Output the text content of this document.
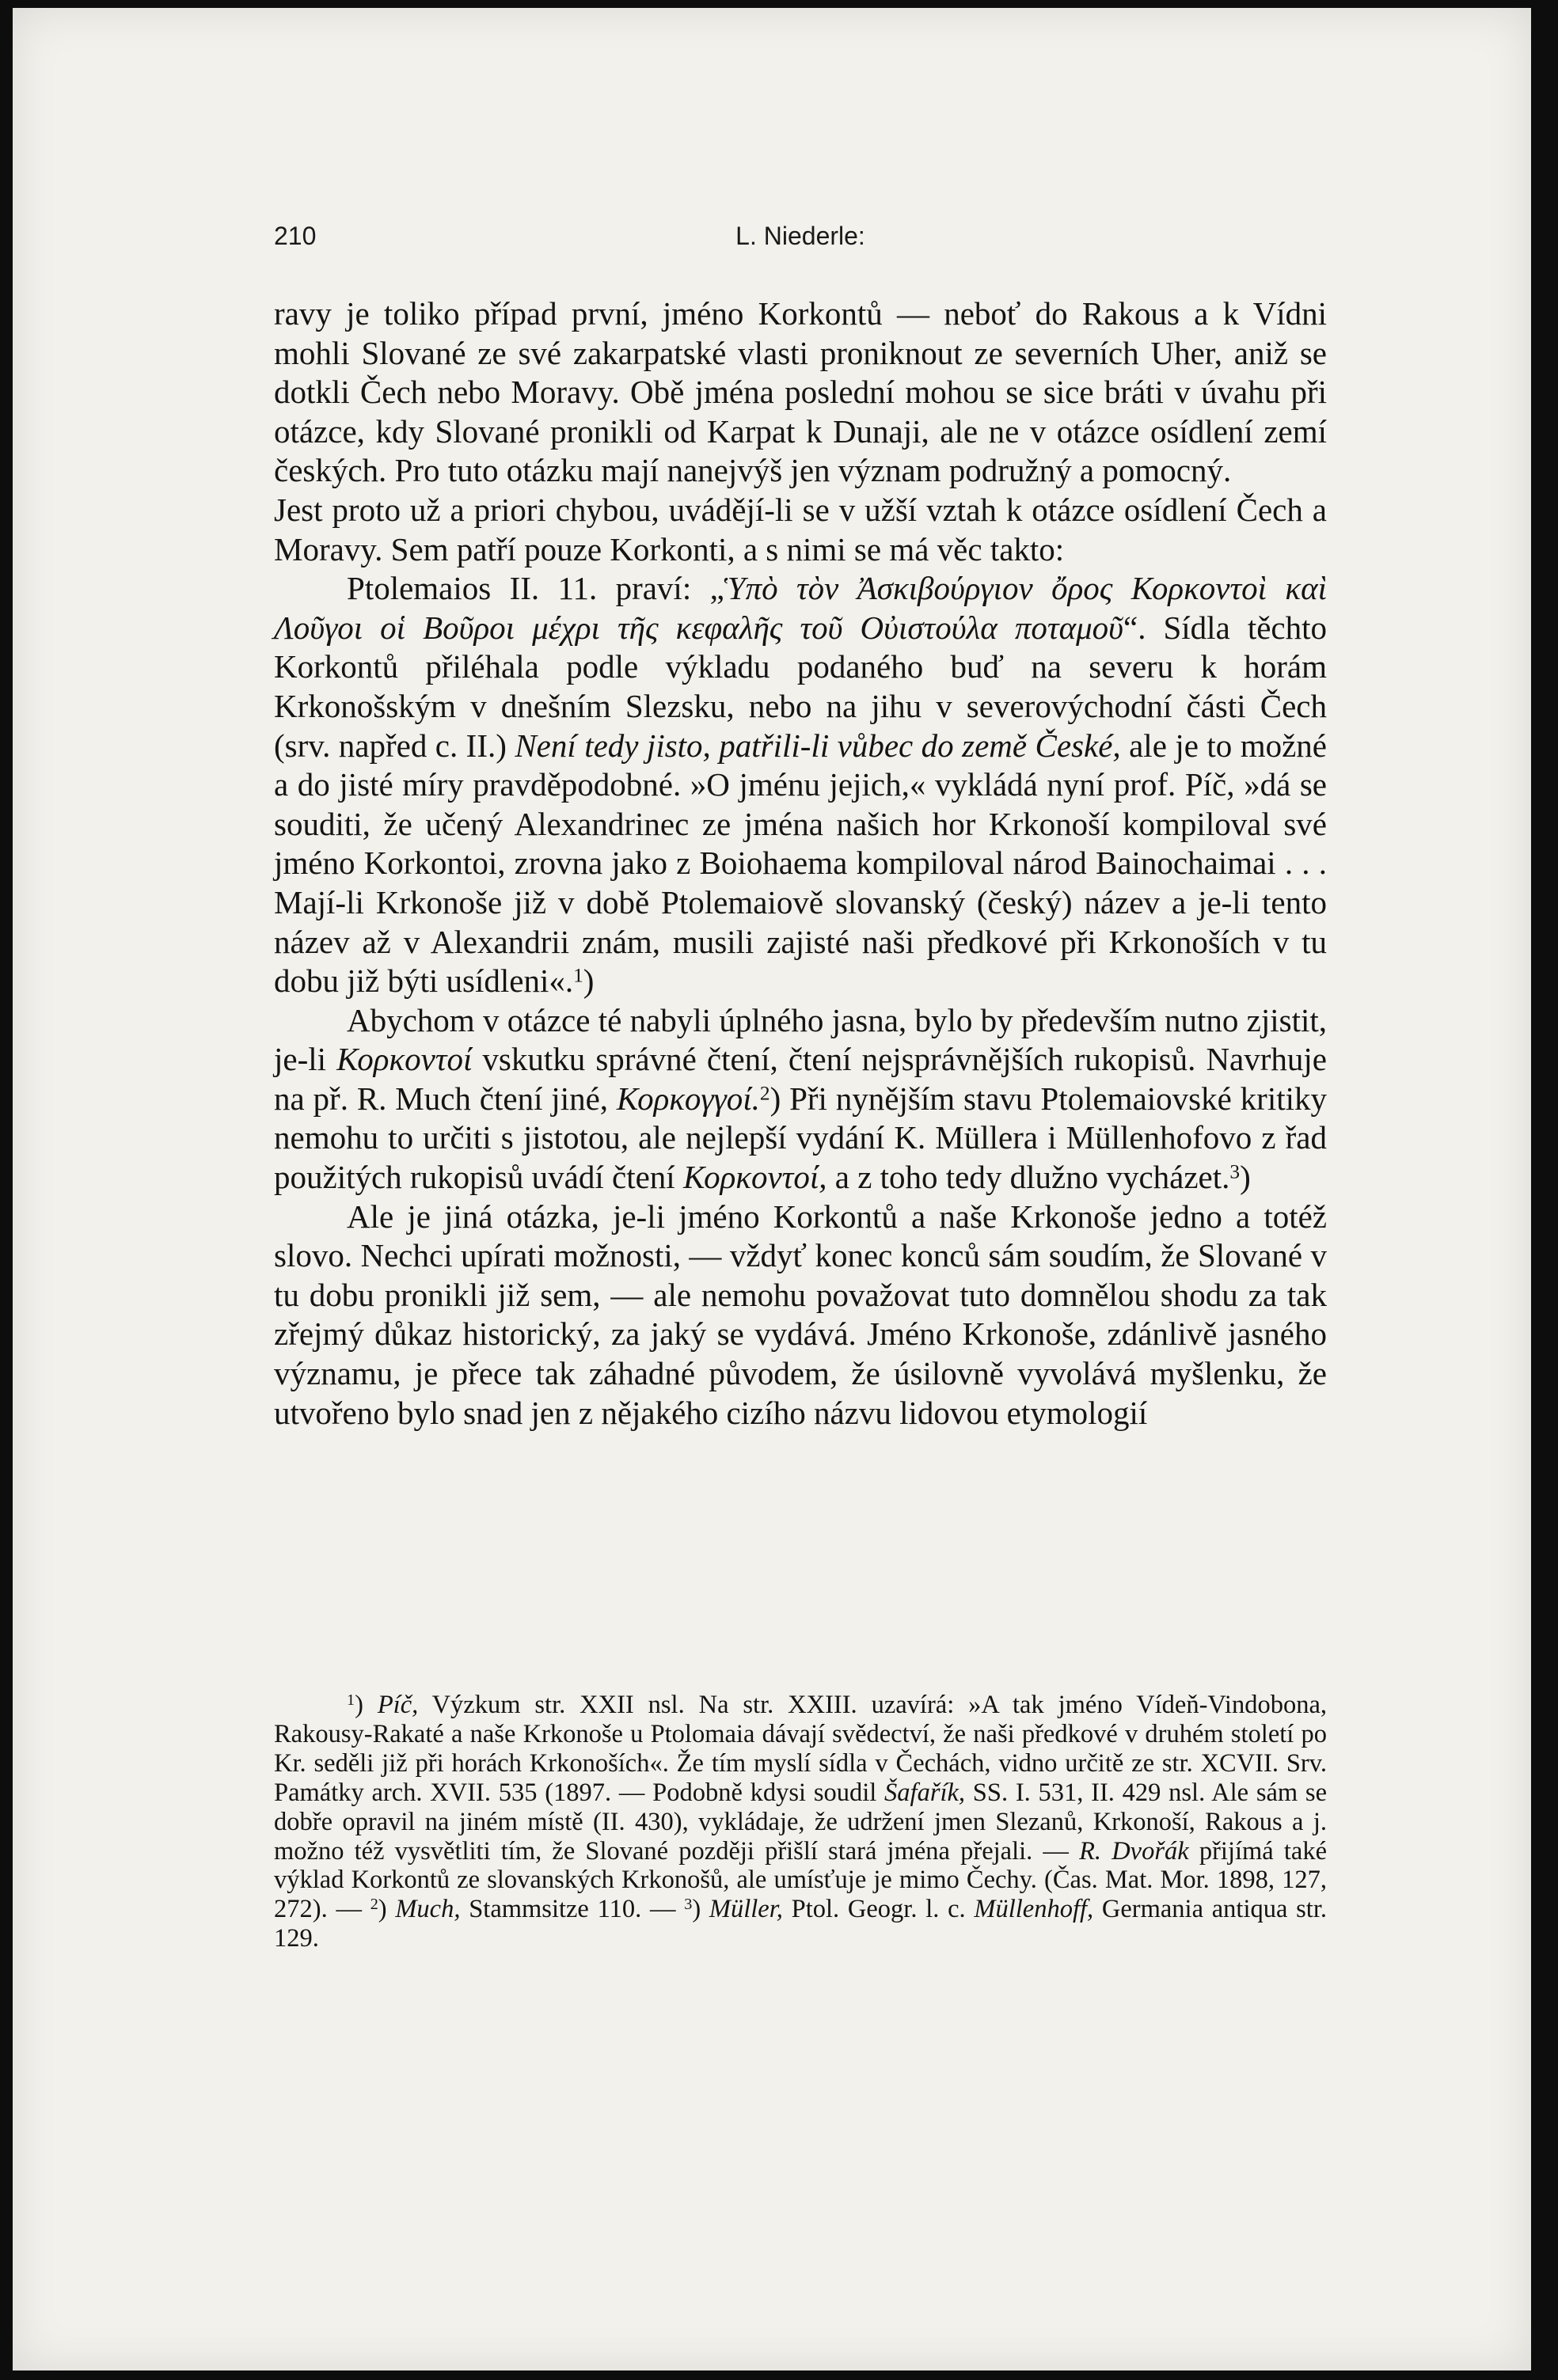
210	L. Niederle:

ravy je toliko případ první, jméno Korkontů — neboť do Rakous a k Vídni mohli Slované ze své zakarpatské vlasti proniknout ze severních Uher, aniž se dotkli Čech nebo Moravy. Obě jména poslední mohou se sice bráti v úvahu při otázce, kdy Slované pronikli od Karpat k Dunaji, ale ne v otázce osídlení zemí českých. Pro tuto otázku mají nanejvýš jen význam podružný a pomocný.

Jest proto už a priori chybou, uvádějí-li se v užší vztah k otázce osídlení Čech a Moravy. Sem patří pouze Korkonti, a s nimi se má věc takto:

Ptolemaios II. 11. praví: „Ὑπὸ τὸν Ἀσκιβούργιον ὄρος Κορκοντοὶ καὶ Λοῦγοι οἱ Βοῦροι μέχρι τῆς κεφαλῆς τοῦ Οὐιστούλα ποταμοῦ“. Sídla těchto Korkontů přiléhala podle výkladu podaného buď na severu k horám Krkonošským v dnešním Slezsku, nebo na jihu v severovýchodní části Čech (srv. napřed c. II.) Není tedy jisto, patřili-li vůbec do země České, ale je to možné a do jisté míry pravděpodobné. »O jménu jejich,« vykládá nyní prof. Píč, »dá se souditi, že učený Alexandrinec ze jména našich hor Krkonoší kompiloval své jméno Korkontoi, zrovna jako z Boiohaema kompiloval národ Bainochaimai . . . Mají-li Krkonoše již v době Ptolemaiově slovanský (český) název a je-li tento název až v Alexandrii znám, musili zajisté naši předkové při Krkonoších v tu dobu již býti usídleni«.$^1$)

Abychom v otázce té nabyli úplného jasna, bylo by především nutno zjistit, je-li Κορκοντοί vskutku správné čtení, čtení nejsprávnějších rukopisů. Navrhuje na př. R. Much čtení jiné, Κορκογγοί.$^2$) Při nynějším stavu Ptolemaiovské kritiky nemohu to určiti s jistotou, ale nejlepší vydání K. Müllera i Müllenhofovo z řad použitých rukopisů uvádí čtení Κορκοντοί, a z toho tedy dlužno vycházet.$^3$)

Ale je jiná otázka, je-li jméno Korkontů a naše Krkonoše jedno a totéž slovo. Nechci upírati možnosti, — vždyť konec konců sám soudím, že Slované v tu dobu pronikli již sem, — ale nemohu považovat tuto domnělou shodu za tak zřejmý důkaz historický, za jaký se vydává. Jméno Krkonoše, zdánlivě jasného významu, je přece tak záhadné původem, že úsilovně vyvolává myšlenku, že utvořeno bylo snad jen z nějakého cizího názvu lidovou etymologií

$^1$) Píč, Výzkum str. XXII nsl. Na str. XXIII. uzavírá: »A tak jméno Vídeň-Vindobona, Rakousy-Rakaté a naše Krkonoše u Ptolomaia dávají svědectví, že naši předkové v druhém století po Kr. seděli již při horách Krkonoších«. Že tím myslí sídla v Čechách, vidno určitě ze str. XCVII. Srv. Památky arch. XVII. 535 (1897. — Podobně kdysi soudil Šafařík, SS. I. 531, II. 429 nsl. Ale sám se dobře opravil na jiném místě (II. 430), vykládaje, že udržení jmen Slezanů, Krkonoší, Rakous a j. možno též vysvětliti tím, že Slované později přišlí stará jména přejali. — R. Dvořák přijímá také výklad Korkontů ze slovanských Krkonošů, ale umísťuje je mimo Čechy. (Čas. Mat. Mor. 1898, 127, 272). — $^2$) Much, Stammsitze 110. — $^3$) Müller, Ptol. Geogr. l. c. Müllenhoff, Germania antiqua str. 129.
